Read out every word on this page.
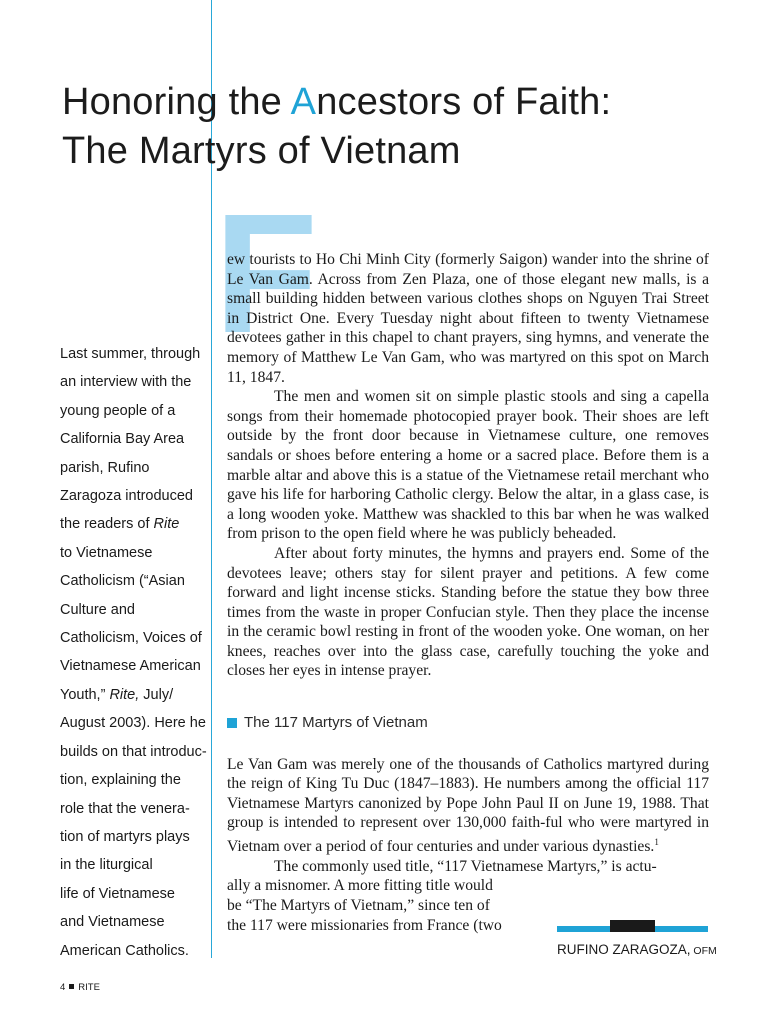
Honoring the Ancestors of Faith:
The Martyrs of Vietnam
F

ew tourists to Ho Chi Minh City (formerly Saigon) wander into the shrine of Le Van Gam. Across from Zen Plaza, one of those elegant new malls, is a small building hidden between various clothes shops on Nguyen Trai Street in District One. Every Tuesday night about fifteen to twenty Vietnamese devotees gather in this chapel to chant prayers, sing hymns, and venerate the memory of Matthew Le Van Gam, who was martyred on this spot on March 11, 1847.

The men and women sit on simple plastic stools and sing a capella songs from their homemade photocopied prayer book. Their shoes are left outside by the front door because in Vietnamese culture, one removes sandals or shoes before entering a home or a sacred place. Before them is a marble altar and above this is a statue of the Vietnamese retail merchant who gave his life for harboring Catholic clergy. Below the altar, in a glass case, is a long wooden yoke. Matthew was shackled to this bar when he was walked from prison to the open field where he was publicly beheaded.

After about forty minutes, the hymns and prayers end. Some of the devotees leave; others stay for silent prayer and petitions. A few come forward and light incense sticks. Standing before the statue they bow three times from the waste in proper Confucian style. Then they place the incense in the ceramic bowl resting in front of the wooden yoke. One woman, on her knees, reaches over into the glass case, carefully touching the yoke and closes her eyes in intense prayer.

The 117 Martyrs of Vietnam

Le Van Gam was merely one of the thousands of Catholics martyred during the reign of King Tu Duc (1847–1883). He numbers among the official 117 Vietnamese Martyrs canonized by Pope John Paul II on June 19, 1988. That group is intended to represent over 130,000 faith-ful who were martyred in Vietnam over a period of four centuries and under various dynasties.$^1$

The commonly used title, “117 Vietnamese Martyrs,” is actu-

ally a misnomer. A more fitting title would

be “The Martyrs of Vietnam,” since ten of

the 117 were missionaries from France (two

Last summer, through
an interview with the
young people of a
California Bay Area
parish, Rufino
Zaragoza introduced
the readers of Rite
to Vietnamese
Catholicism (“Asian
Culture and
Catholicism, Voices of
Vietnamese American
Youth,” Rite, July/
August 2003). Here he
builds on that introduc-
tion, explaining the
role that the venera-
tion of martyrs plays
in the liturgical
life of Vietnamese
and Vietnamese
American Catholics.	RUFINO ZARAGOZA, OFM
4 RITE
